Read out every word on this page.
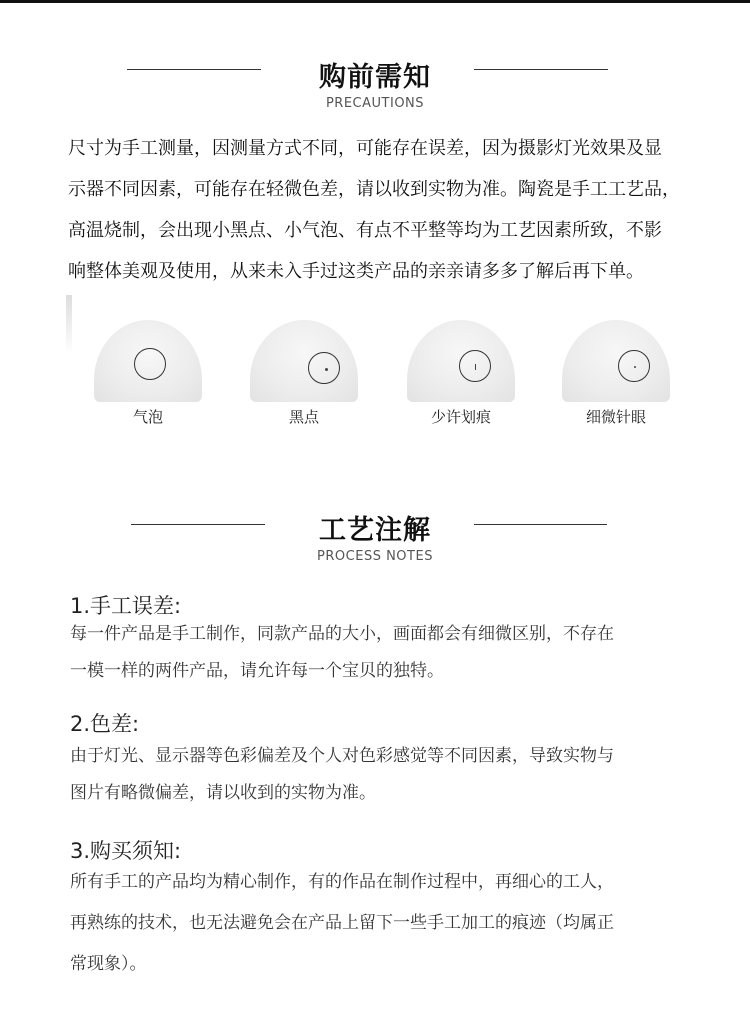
购前需知
PRECAUTIONS
尺寸为手工测量，因测量方式不同，可能存在误差，因为摄影灯光效果及显
示器不同因素，可能存在轻微色差，请以收到实物为准。陶瓷是手工工艺品，
高温烧制，会出现小黑点、小气泡、有点不平整等均为工艺因素所致，不影
响整体美观及使用，从来未入手过这类产品的亲亲请多多了解后再下单。
气泡	黑点	少许划痕	细微针眼
工艺注解
PROCESS NOTES
1.手工误差:
每一件产品是手工制作，同款产品的大小，画面都会有细微区别，不存在
一模一样的两件产品，请允许每一个宝贝的独特。
2.色差:
由于灯光、显示器等色彩偏差及个人对色彩感觉等不同因素，导致实物与
图片有略微偏差，请以收到的实物为准。
3.购买须知:
所有手工的产品均为精心制作，有的作品在制作过程中，再细心的工人，
再熟练的技术，也无法避免会在产品上留下一些手工加工的痕迹（均属正
常现象）。
